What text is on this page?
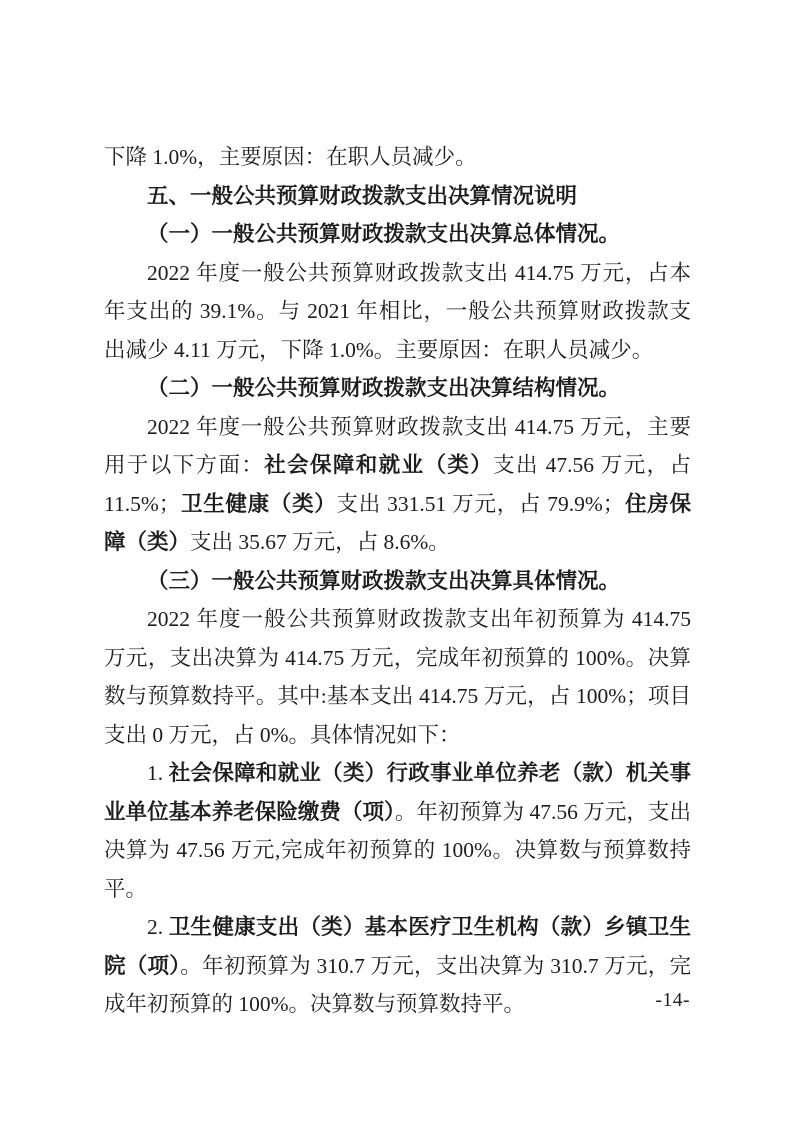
下降 1.0%，主要原因：在职人员减少。

五、一般公共预算财政拨款支出决算情况说明

（一）一般公共预算财政拨款支出决算总体情况。

2022 年度一般公共预算财政拨款支出 414.75 万元，占本年支出的 39.1%。与 2021 年相比，一般公共预算财政拨款支出减少 4.11 万元，下降 1.0%。主要原因：在职人员减少。

（二）一般公共预算财政拨款支出决算结构情况。

2022 年度一般公共预算财政拨款支出 414.75 万元，主要用于以下方面：社会保障和就业（类）支出 47.56 万元，占 11.5%；卫生健康（类）支出 331.51 万元，占 79.9%；住房保障（类）支出 35.67 万元，占 8.6%。

（三）一般公共预算财政拨款支出决算具体情况。

2022 年度一般公共预算财政拨款支出年初预算为 414.75 万元，支出决算为 414.75 万元，完成年初预算的 100%。决算数与预算数持平。其中:基本支出 414.75 万元，占 100%；项目支出 0 万元，占 0%。具体情况如下：

1. 社会保障和就业（类）行政事业单位养老（款）机关事业单位基本养老保险缴费（项）。年初预算为 47.56 万元，支出决算为 47.56 万元,完成年初预算的 100%。决算数与预算数持平。

2. 卫生健康支出（类）基本医疗卫生机构（款）乡镇卫生院（项）。年初预算为 310.7 万元，支出决算为 310.7 万元，完成年初预算的 100%。决算数与预算数持平。	-14-
